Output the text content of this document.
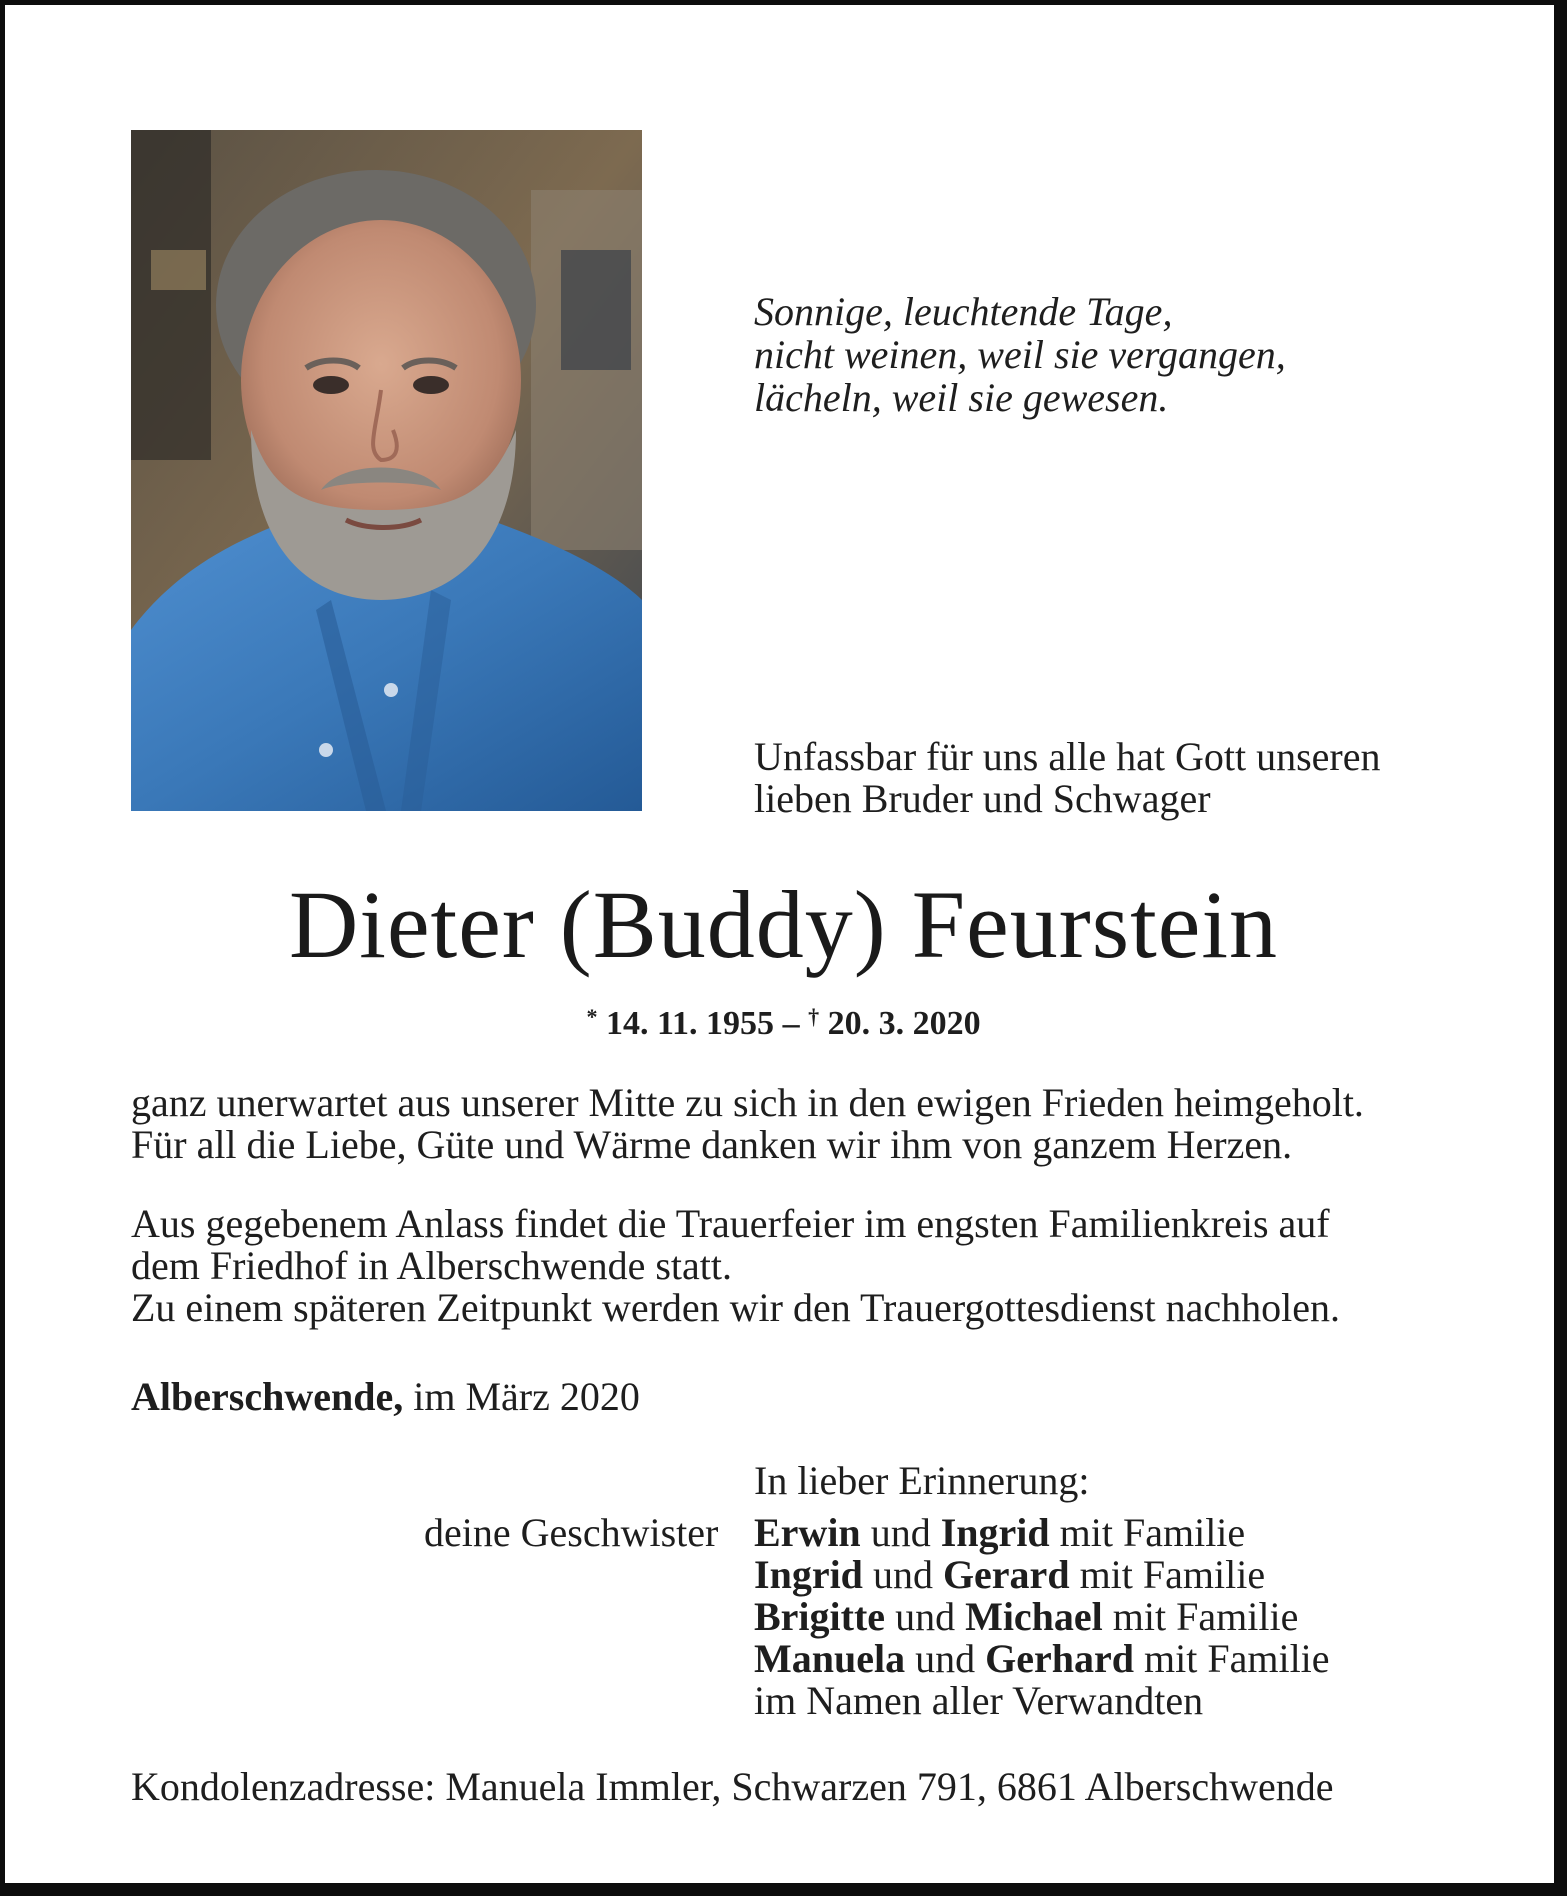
Sonnige, leuchtende Tage,
nicht weinen, weil sie vergangen,
lächeln, weil sie gewesen.
Unfassbar für uns alle hat Gott unseren
lieben Bruder und Schwager
Dieter (Buddy) Feurstein
* 14. 11. 1955 – † 20. 3. 2020
ganz unerwartet aus unserer Mitte zu sich in den ewigen Frieden heimgeholt.
Für all die Liebe, Güte und Wärme danken wir ihm von ganzem Herzen.
Aus gegebenem Anlass findet die Trauerfeier im engsten Familienkreis auf
dem Friedhof in Alberschwende statt.
Zu einem späteren Zeitpunkt werden wir den Trauergottesdienst nachholen.
Alberschwende, im März 2020
In lieber Erinnerung:
deine Geschwister Erwin und Ingrid mit Familie
Ingrid und Gerard mit Familie
Brigitte und Michael mit Familie
Manuela und Gerhard mit Familie
im Namen aller Verwandten
Kondolenzadresse: Manuela Immler, Schwarzen 791, 6861 Alberschwende
